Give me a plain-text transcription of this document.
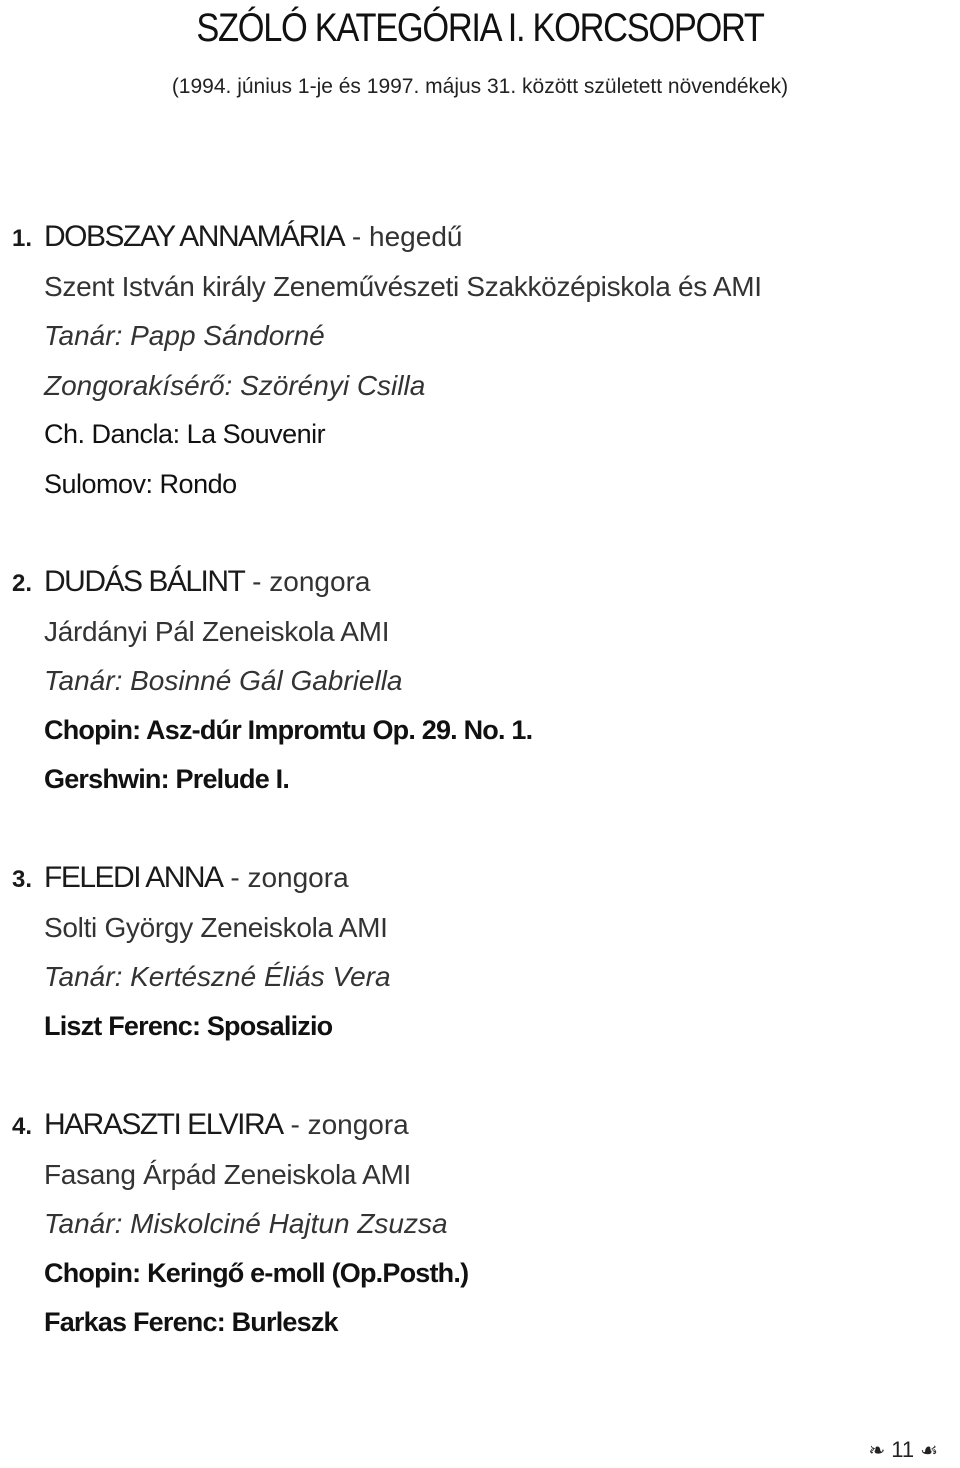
SZÓLÓ KATEGÓRIA I. KORCSOPORT
(1994. június 1-je és 1997. május 31. között született növendékek)
1. DOBSZAY ANNAMÁRIA - hegedű
Szent István király Zeneművészeti Szakközépiskola és AMI
Tanár: Papp Sándorné
Zongorakísérő: Szörényi Csilla
Ch. Dancla: La Souvenir
Sulomov: Rondo
2. DUDÁS BÁLINT - zongora
Járdányi Pál Zeneiskola AMI
Tanár: Bosinné Gál Gabriella
Chopin: Asz-dúr Impromtu Op. 29. No. 1.
Gershwin: Prelude I.
3. FELEDI ANNA - zongora
Solti György Zeneiskola AMI
Tanár: Kertészné Éliás Vera
Liszt Ferenc: Sposalizio
4. HARASZTI ELVIRA - zongora
Fasang Árpád Zeneiskola AMI
Tanár: Miskolciné Hajtun Zsuzsa
Chopin: Keringő e-moll (Op.Posth.)
Farkas Ferenc: Burleszk
❧ 11 ☙
